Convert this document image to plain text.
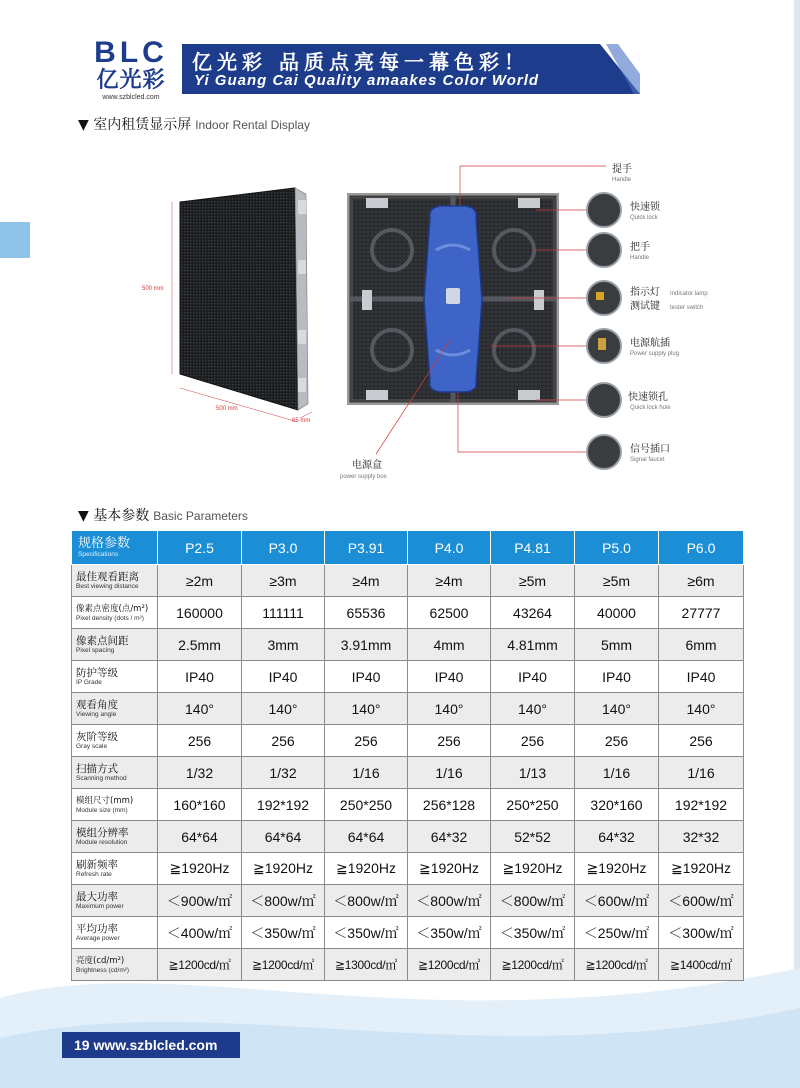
BLC
亿光彩
www.szblcled.com
亿光彩 品质点亮每一幕色彩！
Yi Guang Cai Quality amaakes Color World
▼ 室内租赁显示屏 Indoor Rental Display
500 mm
500 mm
65 mm
提手
Handle
快速锁
Quick lock
把手
Handle
指示灯 Indicator lamp
测试键 tester switch
电源航插
Power supply plug
快速锁孔
Quick lock hole
信号插口
Signal faucet
电源盒
power supply box
▼ 基本参数 Basic Parameters
规格参数
Specifications	P2.5	P3.0	P3.91	P4.0	P4.81	P5.0	P6.0

最佳观看距离
Best viewing distance	≥2m	≥3m	≥4m	≥4m	≥5m	≥5m	≥6m

像素点密度(点/m²)
Pixel density (dots / m²)	160000	111111	65536	62500	43264	40000	27777

像素点间距
Pixel spacing	2.5mm	3mm	3.91mm	4mm	4.81mm	5mm	6mm

防护等级
IP Grade	IP40	IP40	IP40	IP40	IP40	IP40	IP40

观看角度
Viewing angle	140°	140°	140°	140°	140°	140°	140°

灰阶等级
Gray scale	256	256	256	256	256	256	256

扫描方式
Scanning method	1/32	1/32	1/16	1/16	1/13	1/16	1/16

模组尺寸(mm)
Module size (mm)	160*160	192*192	250*250	256*128	250*250	320*160	192*192

模组分辨率
Module resolution	64*64	64*64	64*64	64*32	52*52	64*32	32*32

刷新频率
Refresh rate	≧1920Hz	≧1920Hz	≧1920Hz	≧1920Hz	≧1920Hz	≧1920Hz	≧1920Hz

最大功率
Maximum power	＜900w/㎡	＜800w/㎡	＜800w/㎡	＜800w/㎡	＜800w/㎡	＜600w/㎡	＜600w/㎡

平均功率
Average power	＜400w/㎡	＜350w/㎡	＜350w/㎡	＜350w/㎡	＜350w/㎡	＜250w/㎡	＜300w/㎡

亮度(cd/m²)
Brightness (cd/m²)	≧1200cd/㎡	≧1200cd/㎡	≧1300cd/㎡	≧1200cd/㎡	≧1200cd/㎡	≧1200cd/㎡	≧1400cd/㎡
19 www.szblcled.com
